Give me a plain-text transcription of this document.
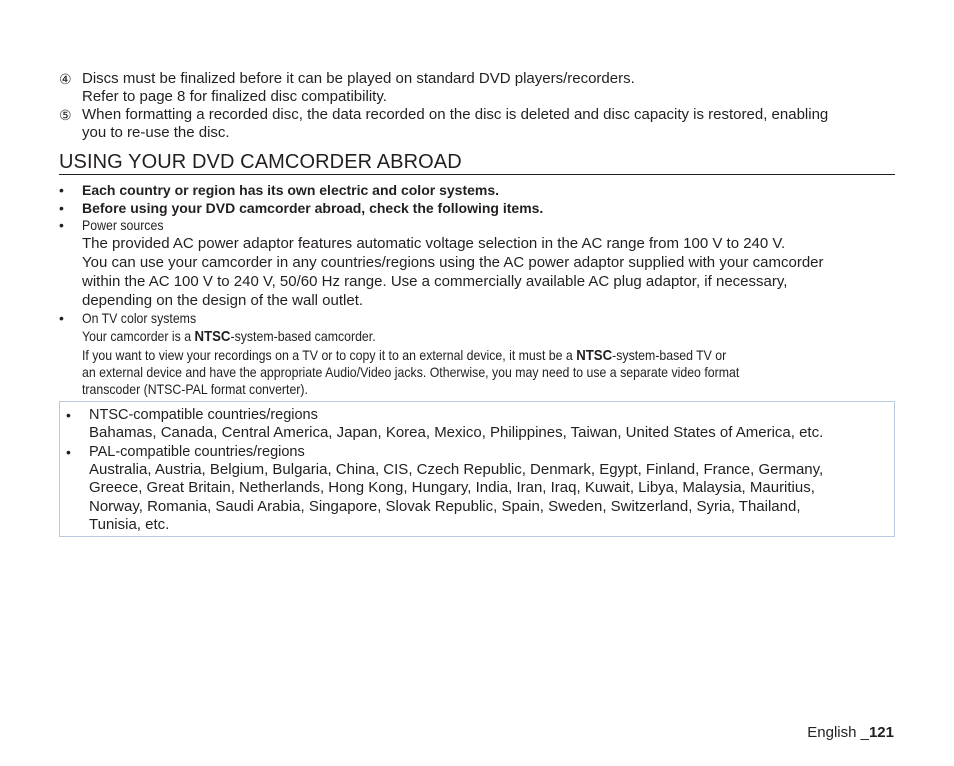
④ Discs must be finalized before it can be played on standard DVD players/recorders.
Refer to page 8 for finalized disc compatibility.
⑤ When formatting a recorded disc, the data recorded on the disc is deleted and disc capacity is restored, enabling
you to re-use the disc.
USING YOUR DVD CAMCORDER ABROAD
•	Each country or region has its own electric and color systems.
•	Before using your DVD camcorder abroad, check the following items.
•	Power sources
The provided AC power adaptor features automatic voltage selection in the AC range from 100 V to 240 V.
You can use your camcorder in any countries/regions using the AC power adaptor supplied with your camcorder
within the AC 100 V to 240 V, 50/60 Hz range. Use a commercially available AC plug adaptor, if necessary,
depending on the design of the wall outlet.
•	On TV color systems
Your camcorder is a NTSC-system-based camcorder.
If you want to view your recordings on a TV or to copy it to an external device, it must be a NTSC-system-based TV or
an external device and have the appropriate Audio/Video jacks. Otherwise, you may need to use a separate video format
transcoder (NTSC-PAL format converter).
•	NTSC-compatible countries/regions
Bahamas, Canada, Central America, Japan, Korea, Mexico, Philippines, Taiwan, United States of America, etc.
•	PAL-compatible countries/regions
Australia, Austria, Belgium, Bulgaria, China, CIS, Czech Republic, Denmark, Egypt, Finland, France, Germany,
Greece, Great Britain, Netherlands, Hong Kong, Hungary, India, Iran, Iraq, Kuwait, Libya, Malaysia, Mauritius,
Norway, Romania, Saudi Arabia, Singapore, Slovak Republic, Spain, Sweden, Switzerland, Syria, Thailand,
Tunisia, etc.
English _121
